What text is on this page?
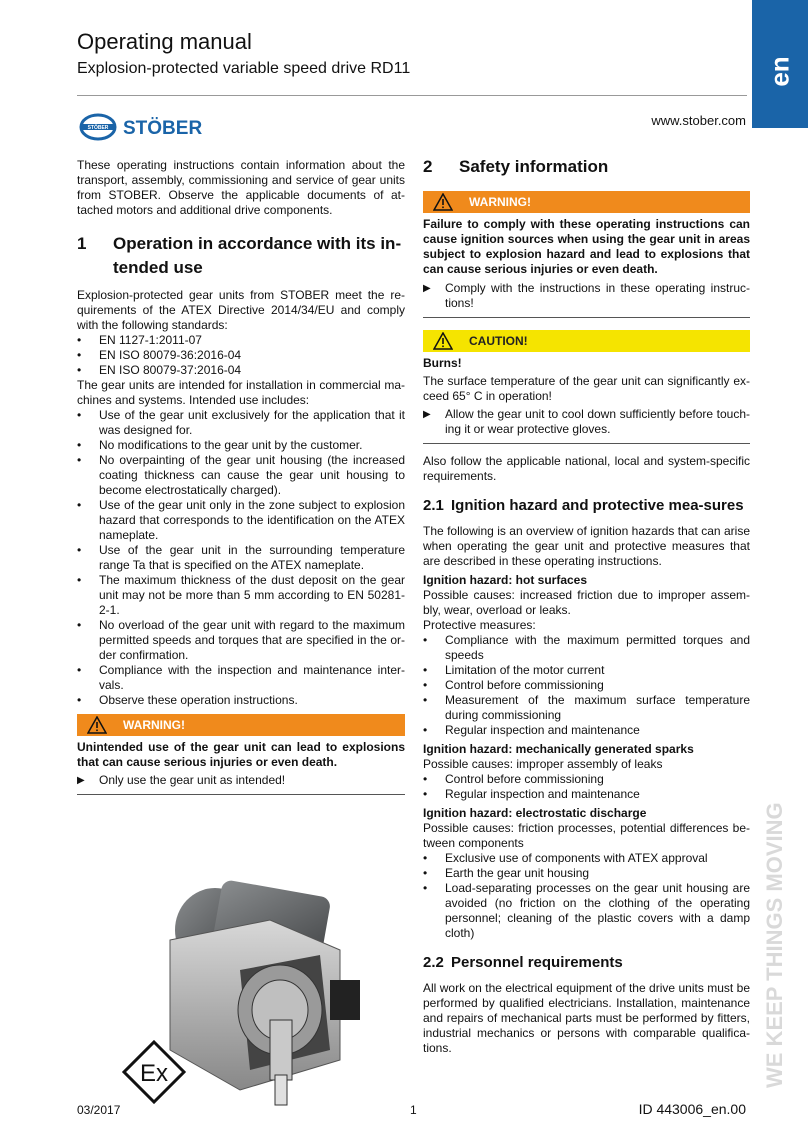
Operating manual
Explosion-protected variable speed drive RD11	en
STÖBER STÖBER	www.stober.com

These operating instructions contain information about the transport, assembly, commissioning and service of gear units from STOBER. Observe the applicable documents of at-tached motors and additional drive components.

1	Operation in accordance with its in-tended use

Explosion-protected gear units from STOBER meet the re-quirements of the ATEX Directive 2014/34/EU and comply with the following standards:

• EN 1127-1:2011-07
• EN ISO 80079-36:2016-04
• EN ISO 80079-37:2016-04

The gear units are intended for installation in commercial ma-chines and systems. Intended use includes:

• Use of the gear unit exclusively for the application that it was designed for.
• No modifications to the gear unit by the customer.
• No overpainting of the gear unit housing (the increased coating thickness can cause the gear unit housing to become electrostatically charged).
• Use of the gear unit only in the zone subject to explosion hazard that corresponds to the identification on the ATEX nameplate.
• Use of the gear unit in the surrounding temperature range Ta that is specified on the ATEX nameplate.
• The maximum thickness of the dust deposit on the gear unit may not be more than 5 mm according to EN 50281-2-1.
• No overload of the gear unit with regard to the maximum permitted speeds and torques that are specified in the or-der confirmation.
• Compliance with the inspection and maintenance inter-vals.
• Observe these operation instructions.
WARNING!

Unintended use of the gear unit can lead to explosions that can cause serious injuries or even death.

▶ Only use the gear unit as intended!
Ex
2	Safety information
WARNING!

Failure to comply with these operating instructions can cause ignition sources when using the gear unit in areas subject to explosion hazard and lead to explosions that can cause serious injuries or even death.

▶ Comply with the instructions in these operating instruc-tions!
CAUTION!

Burns!

The surface temperature of the gear unit can significantly ex-ceed 65° C in operation!

▶ Allow the gear unit to cool down sufficiently before touch-ing it or wear protective gloves.

Also follow the applicable national, local and system-specific requirements.

2.1 Ignition hazard and protective mea-sures

The following is an overview of ignition hazards that can arise when operating the gear unit and protective measures that are described in these operating instructions.

Ignition hazard: hot surfaces

Possible causes: increased friction due to improper assem-bly, wear, overload or leaks.

Protective measures:

• Compliance with the maximum permitted torques and speeds
• Limitation of the motor current
• Control before commissioning
• Measurement of the maximum surface temperature during commissioning
• Regular inspection and maintenance

Ignition hazard: mechanically generated sparks

Possible causes: improper assembly of leaks

• Control before commissioning
• Regular inspection and maintenance

Ignition hazard: electrostatic discharge

Possible causes: friction processes, potential differences be-tween components

• Exclusive use of components with ATEX approval
• Earth the gear unit housing
• Load-separating processes on the gear unit housing are avoided (no friction on the clothing of the operating personnel; cleaning of the plastic covers with a damp cloth)
2.2 Personnel requirements

All work on the electrical equipment of the drive units must be performed by qualified electricians. Installation, maintenance and repairs of mechanical parts must be performed by fitters, industrial mechanics or persons with comparable qualifica-tions.	WE KEEP THINGS MOVING
03/2017	1	ID 443006_en.00
